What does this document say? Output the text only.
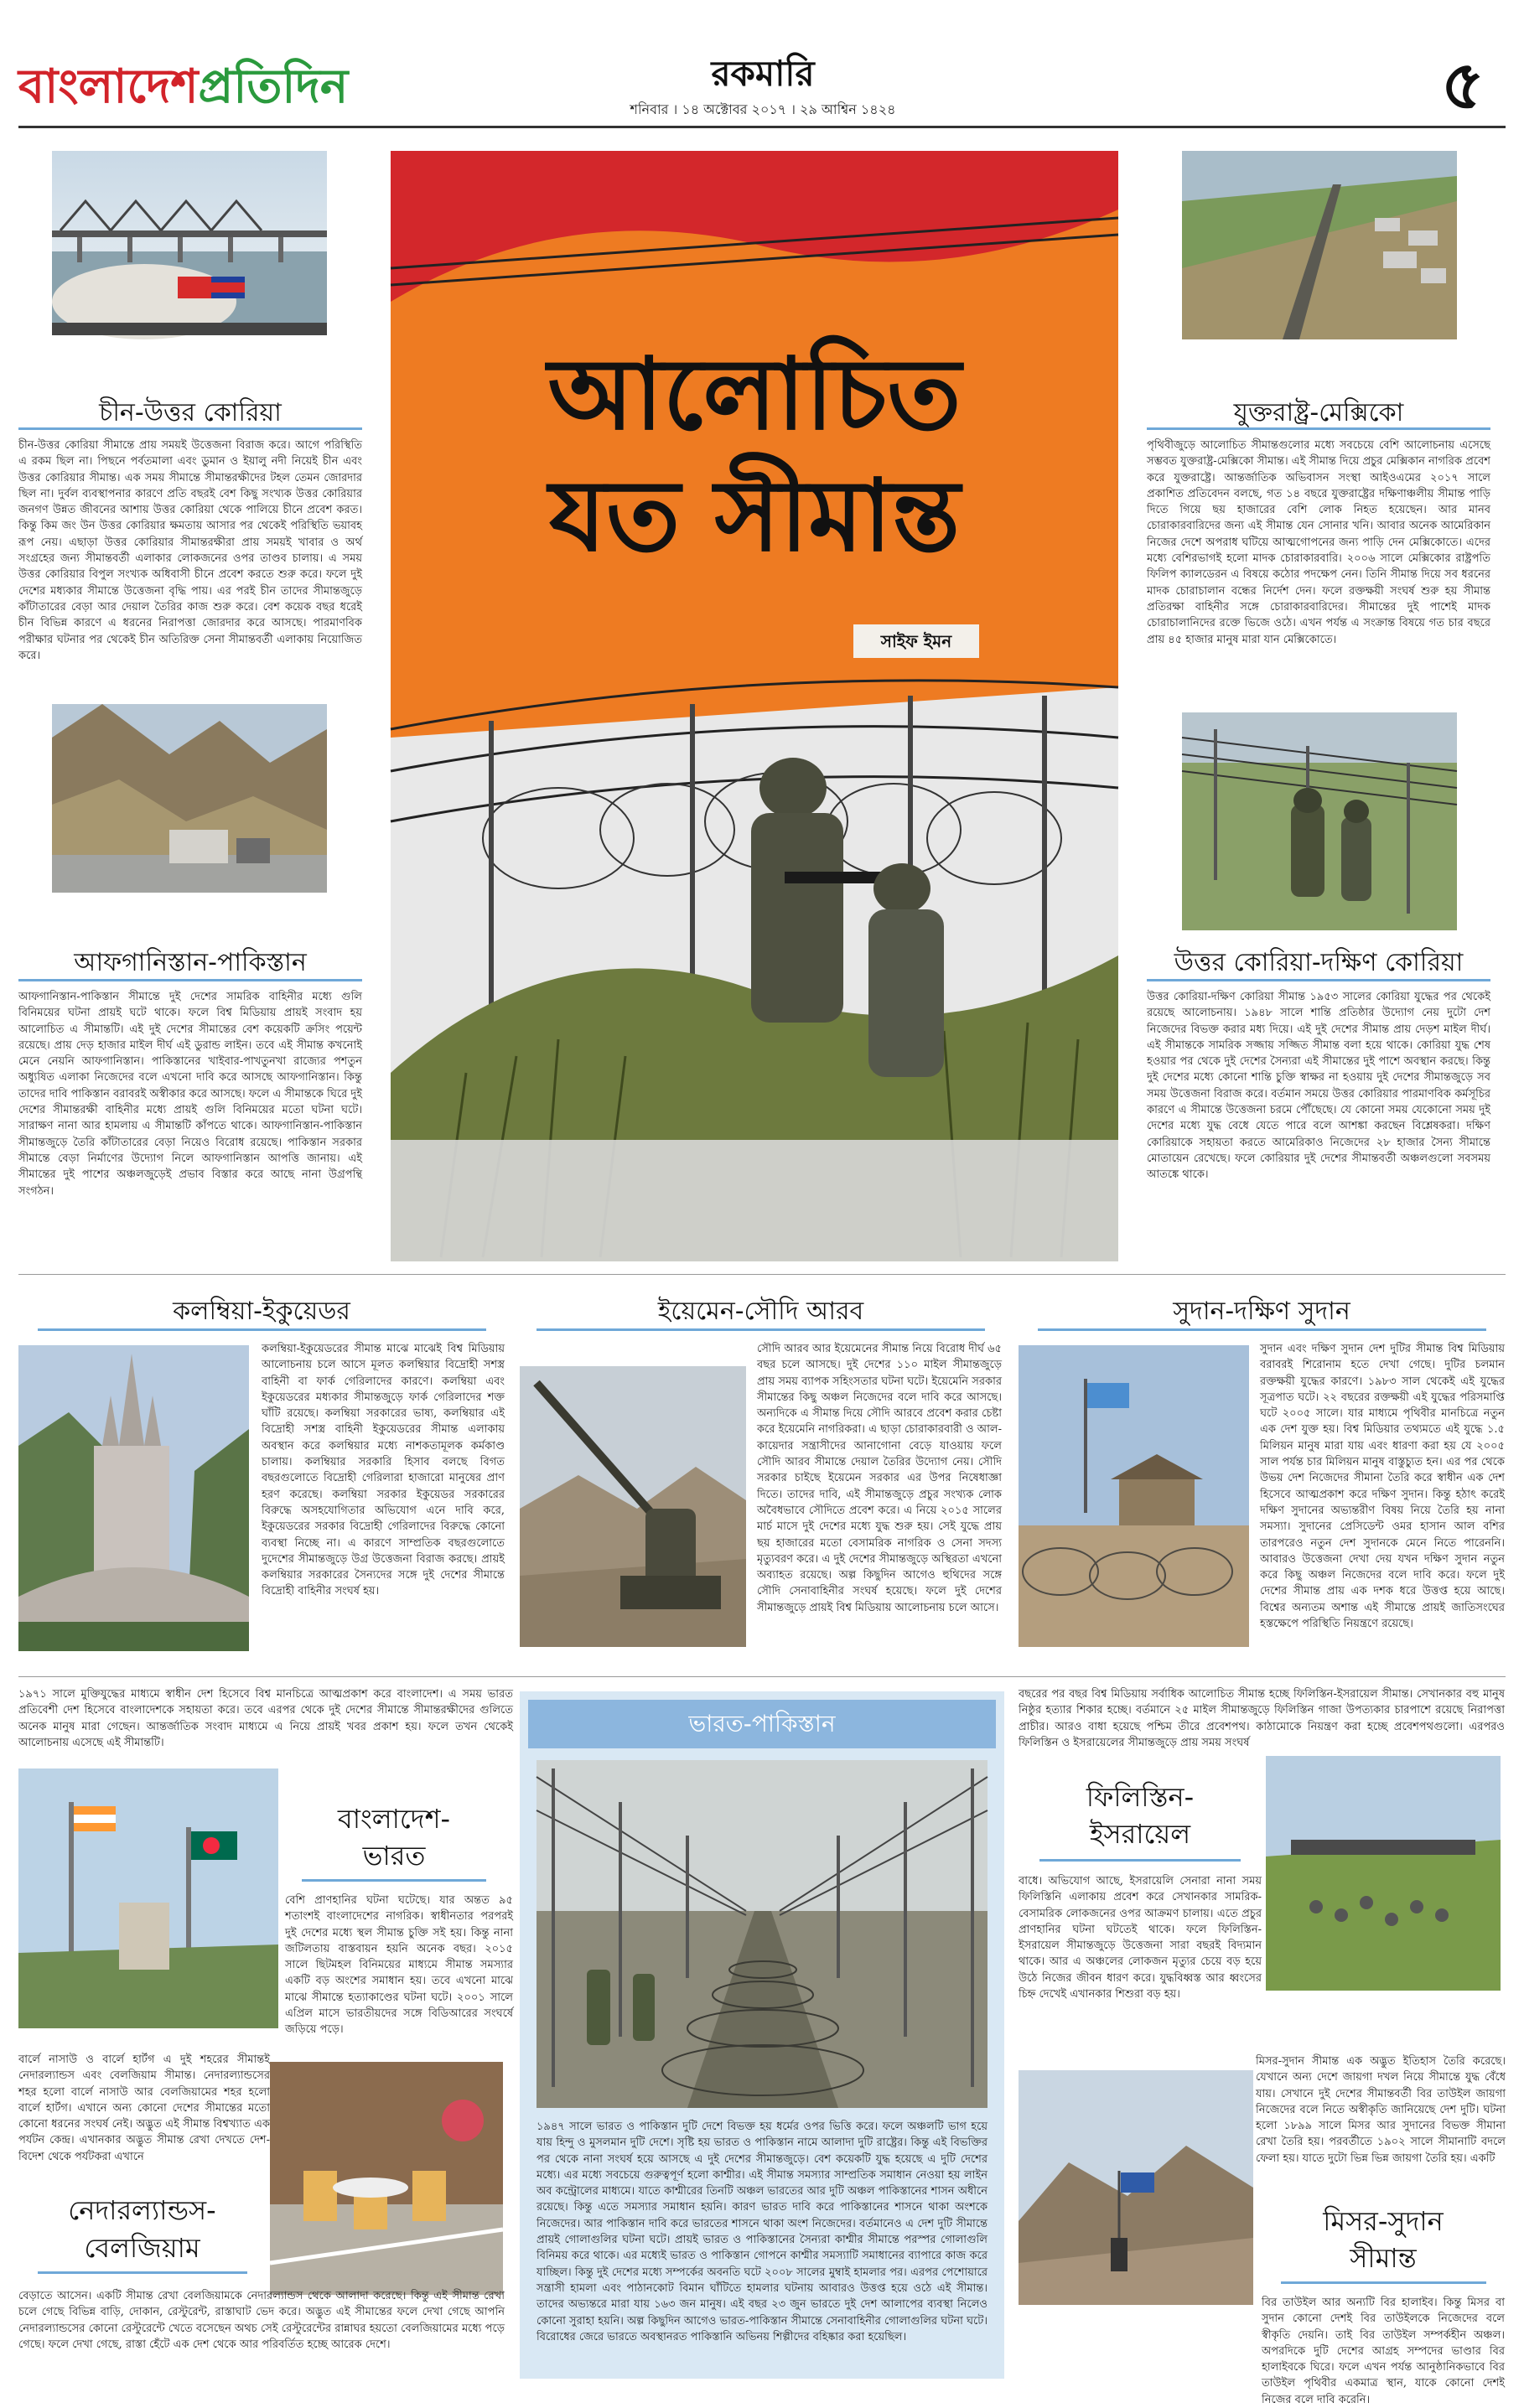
বাংলাদেশপ্রতিদিন	রকমারি
শনিবার । ১৪ অক্টোবর ২০১৭ । ২৯ আশ্বিন ১৪২৪	৫
চীন-উত্তর কোরিয়া
চীন-উত্তর কোরিয়া সীমান্তে প্রায় সময়ই উত্তেজনা বিরাজ করে। আগে পরিস্থিতি এ রকম ছিল না। পিছনে পর্বতমালা এবং ডুমান ও ইয়ালু নদী নিয়েই চীন এবং উত্তর কোরিয়ার সীমান্ত। এক সময় সীমান্তে সীমান্তরক্ষীদের টহল তেমন জোরদার ছিল না। দুর্বল ব্যবস্থাপনার কারণে প্রতি বছরই বেশ কিছু সংখ্যক উত্তর কোরিয়ার জনগণ উন্নত জীবনের আশায় উত্তর কোরিয়া থেকে পালিয়ে চীনে প্রবেশ করত। কিন্তু কিম জং উন উত্তর কোরিয়ার ক্ষমতায় আসার পর থেকেই পরিস্থিতি ভয়াবহ রূপ নেয়। এছাড়া উত্তর কোরিয়ার সীমান্তরক্ষীরা প্রায় সময়ই খাবার ও অর্থ সংগ্রহের জন্য সীমান্তবর্তী এলাকার লোকজনের ওপর তাণ্ডব চালায়। এ সময় উত্তর কোরিয়ার বিপুল সংখ্যক অধিবাসী চীনে প্রবেশ করতে শুরু করে। ফলে দুই দেশের মধ্যকার সীমান্তে উত্তেজনা বৃদ্ধি পায়। এর পরই চীন তাদের সীমান্তজুড়ে কাঁটাতারের বেড়া আর দেয়াল তৈরির কাজ শুরু করে। বেশ কয়েক বছর ধরেই চীন বিভিন্ন কারণে এ ধরনের নিরাপত্তা জোরদার করে আসছে। পারমাণবিক পরীক্ষার ঘটনার পর থেকেই চীন অতিরিক্ত সেনা সীমান্তবর্তী এলাকায় নিয়োজিত করে।
আফগানিস্তান-পাকিস্তান
আফগানিস্তান-পাকিস্তান সীমান্তে দুই দেশের সামরিক বাহিনীর মধ্যে গুলি বিনিময়ের ঘটনা প্রায়ই ঘটে থাকে। ফলে বিশ্ব মিডিয়ায় প্রায়ই সংবাদ হয় আলোচিত এ সীমান্তটি। এই দুই দেশের সীমান্তের বেশ কয়েকটি ক্রসিং পয়েন্ট রয়েছে। প্রায় দেড় হাজার মাইল দীর্ঘ এই ডুরান্ড লাইন। তবে এই সীমান্ত কখনোই মেনে নেয়নি আফগানিস্তান। পাকিস্তানের খাইবার-পাখতুনখা রাজ্যের পশতুন অধ্যুষিত এলাকা নিজেদের বলে এখনো দাবি করে আসছে আফগানিস্তান। কিন্তু তাদের দাবি পাকিস্তান বরাবরই অস্বীকার করে আসছে। ফলে এ সীমান্তকে ঘিরে দুই দেশের সীমান্তরক্ষী বাহিনীর মধ্যে প্রায়ই গুলি বিনিময়ের মতো ঘটনা ঘটে। সারাক্ষণ নানা আর হামলায় এ সীমান্তটি কাঁপতে থাকে। আফগানিস্তান-পাকিস্তান সীমান্তজুড়ে তৈরি কাঁটাতারের বেড়া নিয়েও বিরোধ রয়েছে। পাকিস্তান সরকার সীমান্তে বেড়া নির্মাণের উদ্যোগ নিলে আফগানিস্তান আপত্তি জানায়। এই সীমান্তের দুই পাশের অঞ্চলজুড়েই প্রভাব বিস্তার করে আছে নানা উগ্রপন্থি সংগঠন।
আলোচিত
যত সীমান্ত
সাইফ ইমন
যুক্তরাষ্ট্র-মেক্সিকো
পৃথিবীজুড়ে আলোচিত সীমান্তগুলোর মধ্যে সবচেয়ে বেশি আলোচনায় এসেছে সম্ভবত যুক্তরাষ্ট্র-মেক্সিকো সীমান্ত। এই সীমান্ত দিয়ে প্রচুর মেক্সিকান নাগরিক প্রবেশ করে যুক্তরাষ্ট্রে। আন্তর্জাতিক অভিবাসন সংস্থা আইওএমের ২০১৭ সালে প্রকাশিত প্রতিবেদন বলছে, গত ১৪ বছরে যুক্তরাষ্ট্রের দক্ষিণাঞ্চলীয় সীমান্ত পাড়ি দিতে গিয়ে ছয় হাজারের বেশি লোক নিহত হয়েছেন। আর মানব চোরাকারবারিদের জন্য এই সীমান্ত যেন সোনার খনি। আবার অনেক আমেরিকান নিজের দেশে অপরাধ ঘটিয়ে আত্মগোপনের জন্য পাড়ি দেন মেক্সিকোতে। এদের মধ্যে বেশিরভাগই হলো মাদক চোরাকারবারি। ২০০৬ সালে মেক্সিকোর রাষ্ট্রপতি ফিলিপ ক্যালডেরন এ বিষয়ে কঠোর পদক্ষেপ নেন। তিনি সীমান্ত দিয়ে সব ধরনের মাদক চোরাচালান বন্ধের নির্দেশ দেন। ফলে রক্তক্ষয়ী সংঘর্ষ শুরু হয় সীমান্ত প্রতিরক্ষা বাহিনীর সঙ্গে চোরাকারবারিদের। সীমান্তের দুই পাশেই মাদক চোরাচালানিদের রক্তে ভিজে ওঠে। এখন পর্যন্ত এ সংক্রান্ত বিষয়ে গত চার বছরে প্রায় ৪৫ হাজার মানুষ মারা যান মেক্সিকোতে।
উত্তর কোরিয়া-দক্ষিণ কোরিয়া
উত্তর কোরিয়া-দক্ষিণ কোরিয়া সীমান্ত ১৯৫৩ সালের কোরিয়া যুদ্ধের পর থেকেই রয়েছে আলোচনায়। ১৯৪৮ সালে শান্তি প্রতিষ্ঠার উদ্যোগ নেয় দুটো দেশ নিজেদের বিভক্ত করার মধ্য দিয়ে। এই দুই দেশের সীমান্ত প্রায় দেড়শ মাইল দীর্ঘ। এই সীমান্তকে সামরিক সজ্জায় সজ্জিত সীমান্ত বলা হয়ে থাকে। কোরিয়া যুদ্ধ শেষ হওয়ার পর থেকে দুই দেশের সৈন্যরা এই সীমান্তের দুই পাশে অবস্থান করছে। কিন্তু দুই দেশের মধ্যে কোনো শান্তি চুক্তি স্বাক্ষর না হওয়ায় দুই দেশের সীমান্তজুড়ে সব সময় উত্তেজনা বিরাজ করে। বর্তমান সময়ে উত্তর কোরিয়ার পারমাণবিক কর্মসূচির কারণে এ সীমান্তে উত্তেজনা চরমে পৌঁছেছে। যে কোনো সময় যেকোনো সময় দুই দেশের মধ্যে যুদ্ধ বেধে যেতে পারে বলে আশঙ্কা করছেন বিশ্লেষকরা। দক্ষিণ কোরিয়াকে সহায়তা করতে আমেরিকাও নিজেদের ২৮ হাজার সৈন্য সীমান্তে মোতায়েন রেখেছে। ফলে কোরিয়ার দুই দেশের সীমান্তবর্তী অঞ্চলগুলো সবসময় আতঙ্কে থাকে।
কলম্বিয়া-ইকুয়েডর
কলম্বিয়া-ইকুয়েডরের সীমান্ত মাঝে মাঝেই বিশ্ব মিডিয়ায় আলোচনায় চলে আসে মূলত কলম্বিয়ার বিদ্রোহী সশস্ত্র বাহিনী বা ফার্ক গেরিলাদের কারণে। কলম্বিয়া এবং ইকুয়েডরের মধ্যকার সীমান্তজুড়ে ফার্ক গেরিলাদের শক্ত ঘাঁটি রয়েছে। কলম্বিয়া সরকারের ভাষ্য, কলম্বিয়ার এই বিদ্রোহী সশস্ত্র বাহিনী ইকুয়েডরের সীমান্ত এলাকায় অবস্থান করে কলম্বিয়ার মধ্যে নাশকতামূলক কর্মকাণ্ড চালায়। কলম্বিয়ার সরকারি হিসাব বলছে বিগত বছরগুলোতে বিদ্রোহী গেরিলারা হাজারো মানুষের প্রাণ হরণ করেছে। কলম্বিয়া সরকার ইকুয়েডর সরকারের বিরুদ্ধে অসহযোগিতার অভিযোগ এনে দাবি করে, ইকুয়েডরের সরকার বিদ্রোহী গেরিলাদের বিরুদ্ধে কোনো ব্যবস্থা নিচ্ছে না। এ কারণে সাম্প্রতিক বছরগুলোতে দুদেশের সীমান্তজুড়ে উগ্র উত্তেজনা বিরাজ করছে। প্রায়ই কলম্বিয়ার সরকারের সৈন্যদের সঙ্গে দুই দেশের সীমান্তে বিদ্রোহী বাহিনীর সংঘর্ষ হয়।
ইয়েমেন-সৌদি আরব
সৌদি আরব আর ইয়েমেনের সীমান্ত নিয়ে বিরোধ দীর্ঘ ৬৫ বছর চলে আসছে। দুই দেশের ১১০ মাইল সীমান্তজুড়ে প্রায় সময় ব্যাপক সহিংসতার ঘটনা ঘটে। ইয়েমেনি সরকার সীমান্তের কিছু অঞ্চল নিজেদের বলে দাবি করে আসছে। অন্যদিকে এ সীমান্ত দিয়ে সৌদি আরবে প্রবেশ করার চেষ্টা করে ইয়েমেনি নাগরিকরা। এ ছাড়া চোরাকারবারী ও আল-কায়েদার সন্ত্রাসীদের আনাগোনা বেড়ে যাওয়ায় ফলে সৌদি আরব সীমান্তে দেয়াল তৈরির উদ্যোগ নেয়। সৌদি সরকার চাইছে ইয়েমেন সরকার এর উপর নিষেধাজ্ঞা দিতে। তাদের দাবি, এই সীমান্তজুড়ে প্রচুর সংখ্যক লোক অবৈধভাবে সৌদিতে প্রবেশ করে। এ নিয়ে ২০১৫ সালের মার্চ মাসে দুই দেশের মধ্যে যুদ্ধ শুরু হয়। সেই যুদ্ধে প্রায় ছয় হাজারের মতো বেসামরিক নাগরিক ও সেনা সদস্য মৃত্যুবরণ করে। এ দুই দেশের সীমান্তজুড়ে অস্থিরতা এখনো অব্যাহত রয়েছে। অল্প কিছুদিন আগেও হুথিদের সঙ্গে সৌদি সেনাবাহিনীর সংঘর্ষ হয়েছে। ফলে দুই দেশের সীমান্তজুড়ে প্রায়ই বিশ্ব মিডিয়ায় আলোচনায় চলে আসে।
সুদান-দক্ষিণ সুদান
সুদান এবং দক্ষিণ সুদান দেশ দুটির সীমান্ত বিশ্ব মিডিয়ায় বরাবরই শিরোনাম হতে দেখা গেছে। দুটির চলমান রক্তক্ষয়ী যুদ্ধের কারণে। ১৯৮৩ সাল থেকেই এই যুদ্ধের সূত্রপাত ঘটে। ২২ বছরের রক্তক্ষয়ী এই যুদ্ধের পরিসমাপ্তি ঘটে ২০০৫ সালে। যার মাধ্যমে পৃথিবীর মানচিত্রে নতুন এক দেশ যুক্ত হয়। বিশ্ব মিডিয়ার তথ্যমতে এই যুদ্ধে ১.৫ মিলিয়ন মানুষ মারা যায় এবং ধারণা করা হয় যে ২০০৫ সাল পর্যন্ত চার মিলিয়ন মানুষ বাস্তুচ্যুত হন। এর পর থেকে উভয় দেশ নিজেদের সীমানা তৈরি করে স্বাধীন এক দেশ হিসেবে আত্মপ্রকাশ করে দক্ষিণ সুদান। কিন্তু হঠাৎ করেই দক্ষিণ সুদানের অভ্যন্তরীণ বিষয় নিয়ে তৈরি হয় নানা সমস্যা। সুদানের প্রেসিডেন্ট ওমর হাসান আল বশির তারপরেও নতুন দেশ সুদানকে মেনে নিতে পারেননি। আবারও উত্তেজনা দেখা দেয় যখন দক্ষিণ সুদান নতুন করে কিছু অঞ্চল নিজেদের বলে দাবি করে। ফলে দুই দেশের সীমান্ত প্রায় এক দশক ধরে উত্তপ্ত হয়ে আছে। বিশ্বের অন্যতম অশান্ত এই সীমান্তে প্রায়ই জাতিসংঘের হস্তক্ষেপে পরিস্থিতি নিয়ন্ত্রণে রয়েছে।
১৯৭১ সালে মুক্তিযুদ্ধের মাধ্যমে স্বাধীন দেশ হিসেবে বিশ্ব মানচিত্রে আত্মপ্রকাশ করে বাংলাদেশ। এ সময় ভারত প্রতিবেশী দেশ হিসেবে বাংলাদেশকে সহায়তা করে। তবে এরপর থেকে দুই দেশের সীমান্তে সীমান্তরক্ষীদের গুলিতে অনেক মানুষ মারা গেছেন। আন্তর্জাতিক সংবাদ মাধ্যমে এ নিয়ে প্রায়ই খবর প্রকাশ হয়। ফলে তখন থেকেই আলোচনায় এসেছে এই সীমান্তটি।
বাংলাদেশ-
ভারত
বেশি প্রাণহানির ঘটনা ঘটেছে। যার অন্তত ৯৫ শতাংশই বাংলাদেশের নাগরিক। স্বাধীনতার পরপরই দুই দেশের মধ্যে স্থল সীমান্ত চুক্তি সই হয়। কিন্তু নানা জটিলতায় বাস্তবায়ন হয়নি অনেক বছর। ২০১৫ সালে ছিটমহল বিনিময়ের মাধ্যমে সীমান্ত সমস্যার একটি বড় অংশের সমাধান হয়। তবে এখনো মাঝে মাঝে সীমান্তে হত্যাকাণ্ডের ঘটনা ঘটে। ২০০১ সালে এপ্রিল মাসে ভারতীয়দের সঙ্গে বিডিআরের সংঘর্ষে জড়িয়ে পড়ে।
বার্লে নাসাউ ও বার্লে হার্টগ এ দুই শহরের সীমান্তই নেদারল্যান্ডস এবং বেলজিয়াম সীমান্ত। নেদারল্যান্ডসের শহর হলো বার্লে নাসাউ আর বেলজিয়ামের শহর হলো বার্লে হার্টগ। এখানে অন্য কোনো দেশের সীমান্তের মতো কোনো ধরনের সংঘর্ষ নেই। অদ্ভুত এই সীমান্ত বিশ্বখ্যাত এক পর্যটন কেন্দ্র। এখানকার অদ্ভুত সীমান্ত রেখা দেখতে দেশ-বিদেশ থেকে পর্যটকরা এখানে
নেদারল্যান্ডস-
বেলজিয়াম
বেড়াতে আসেন। একটি সীমান্ত রেখা বেলজিয়ামকে নেদারল্যান্ডস থেকে আলাদা করেছে। কিন্তু এই সীমান্ত রেখা চলে গেছে বিভিন্ন বাড়ি, দোকান, রেস্টুরেন্ট, রাস্তাঘাট ভেদ করে। অদ্ভুত এই সীমান্তের ফলে দেখা গেছে আপনি নেদারল্যান্ডসের কোনো রেস্টুরেন্টে খেতে বসেছেন অথচ সেই রেস্টুরেন্টের রান্নাঘর হয়তো বেলজিয়ামের মধ্যে পড়ে গেছে। ফলে দেখা গেছে, রাস্তা হেঁটে এক দেশ থেকে আর পরিবর্তিত হচ্ছে আরেক দেশে।
ভারত-পাকিস্তান
১৯৪৭ সালে ভারত ও পাকিস্তান দুটি দেশে বিভক্ত হয় ধর্মের ওপর ভিত্তি করে। ফলে অঞ্চলটি ভাগ হয়ে যায় হিন্দু ও মুসলমান দুটি দেশে। সৃষ্টি হয় ভারত ও পাকিস্তান নামে আলাদা দুটি রাষ্ট্রের। কিন্তু এই বিভক্তির পর থেকে নানা সংঘর্ষ হয়ে আসছে এ দুই দেশের সীমান্তজুড়ে। বেশ কয়েকটি যুদ্ধ হয়েছে এ দুটি দেশের মধ্যে। এর মধ্যে সবচেয়ে গুরুত্বপূর্ণ হলো কাশ্মীর। এই সীমান্ত সমস্যার সাম্প্রতিক সমাধান নেওয়া হয় লাইন অব কন্ট্রোলের মাধ্যমে। যাতে কাশ্মীরের তিনটি অঞ্চল ভারতের আর দুটি অঞ্চল পাকিস্তানের শাসন অধীনে রয়েছে। কিন্তু এতে সমস্যার সমাধান হয়নি। কারণ ভারত দাবি করে পাকিস্তানের শাসনে থাকা অংশকে নিজেদের। আর পাকিস্তান দাবি করে ভারতের শাসনে থাকা অংশ নিজেদের। বর্তমানেও এ দেশ দুটি সীমান্তে প্রায়ই গোলাগুলির ঘটনা ঘটে। প্রায়ই ভারত ও পাকিস্তানের সৈন্যরা কাশ্মীর সীমান্তে পরস্পর গোলাগুলি বিনিময় করে থাকে। এর মধ্যেই ভারত ও পাকিস্তান গোপনে কাশ্মীর সমস্যাটি সমাধানের ব্যাপারে কাজ করে যাচ্ছিল। কিন্তু দুই দেশের মধ্যে সম্পর্কের অবনতি ঘটে ২০০৮ সালের মুম্বাই হামলার পর। এরপর পেশোয়ারে সন্ত্রাসী হামলা এবং পাঠানকোট বিমান ঘাঁটিতে হামলার ঘটনায় আবারও উত্তপ্ত হয়ে ওঠে এই সীমান্ত। তাদের অভ্যন্তরে মারা যায় ১৬৩ জন মানুষ। এই বছর ২৩ জুন ভারতে দুই দেশ আলাপের ব্যবস্থা নিলেও কোনো সুরাহা হয়নি। অল্প কিছুদিন আগেও ভারত-পাকিস্তান সীমান্তে সেনাবাহিনীর গোলাগুলির ঘটনা ঘটে। বিরোধের জেরে ভারতে অবস্থানরত পাকিস্তানি অভিনয় শিল্পীদের বহিষ্কার করা হয়েছিল।
বছরের পর বছর বিশ্ব মিডিয়ায় সর্বাধিক আলোচিত সীমান্ত হচ্ছে ফিলিস্তিন-ইসরায়েল সীমান্ত। সেখানকার বহু মানুষ নিষ্ঠুর হত্যার শিকার হচ্ছে। বর্তমানে ২৫ মাইল সীমান্তজুড়ে ফিলিস্তিন গাজা উপত্যকার চারপাশে রয়েছে নিরাপত্তা প্রাচীর। আরও বাধা হয়েছে পশ্চিম তীরে প্রবেশপথ। কাঠামোকে নিয়ন্ত্রণ করা হচ্ছে প্রবেশপথগুলো। এরপরও ফিলিস্তিন ও ইসরায়েলের সীমান্তজুড়ে প্রায় সময় সংঘর্ষ
ফিলিস্তিন-
ইসরায়েল
বাধে। অভিযোগ আছে, ইসরায়েলি সেনারা নানা সময় ফিলিস্তিনি এলাকায় প্রবেশ করে সেখানকার সামরিক-বেসামরিক লোকজনের ওপর আক্রমণ চালায়। এতে প্রচুর প্রাণহানির ঘটনা ঘটতেই থাকে। ফলে ফিলিস্তিন-ইসরায়েল সীমান্তজুড়ে উত্তেজনা সারা বছরই বিদ্যমান থাকে। আর এ অঞ্চলের লোকজন মৃত্যুর চেয়ে বড় হয়ে উঠে নিজের জীবন ধারণ করে। যুদ্ধবিধ্বস্ত আর ধ্বংসের চিহ্ন দেখেই এখানকার শিশুরা বড় হয়।
মিসর-সুদান সীমান্ত এক অদ্ভুত ইতিহাস তৈরি করেছে। যেখানে অন্য দেশে জায়গা দখল নিয়ে সীমান্তে যুদ্ধ বেঁধে যায়। সেখানে দুই দেশের সীমান্তবর্তী বির তাউইল জায়গা নিজেদের বলে নিতে অস্বীকৃতি জানিয়েছে দেশ দুটি। ঘটনা হলো ১৮৯৯ সালে মিসর আর সুদানের বিভক্ত সীমানা রেখা তৈরি হয়। পরবর্তীতে ১৯০২ সালে সীমানাটি বদলে ফেলা হয়। যাতে দুটো ভিন্ন ভিন্ন জায়গা তৈরি হয়। একটি
মিসর-সুদান
সীমান্ত
বির তাউইল আর অন্যটি বির হালাইব। কিন্তু মিসর বা সুদান কোনো দেশই বির তাউইলকে নিজেদের বলে স্বীকৃতি দেয়নি। তাই বির তাউইল সম্পর্কহীন অঞ্চল। অপরদিকে দুটি দেশের আগ্রহ সম্পদের ভাণ্ডার বির হালাইবকে ঘিরে। ফলে এখন পর্যন্ত আনুষ্ঠানিকভাবে বির তাউইল পৃথিবীর একমাত্র স্থান, যাকে কোনো দেশই নিজের বলে দাবি করেনি।
